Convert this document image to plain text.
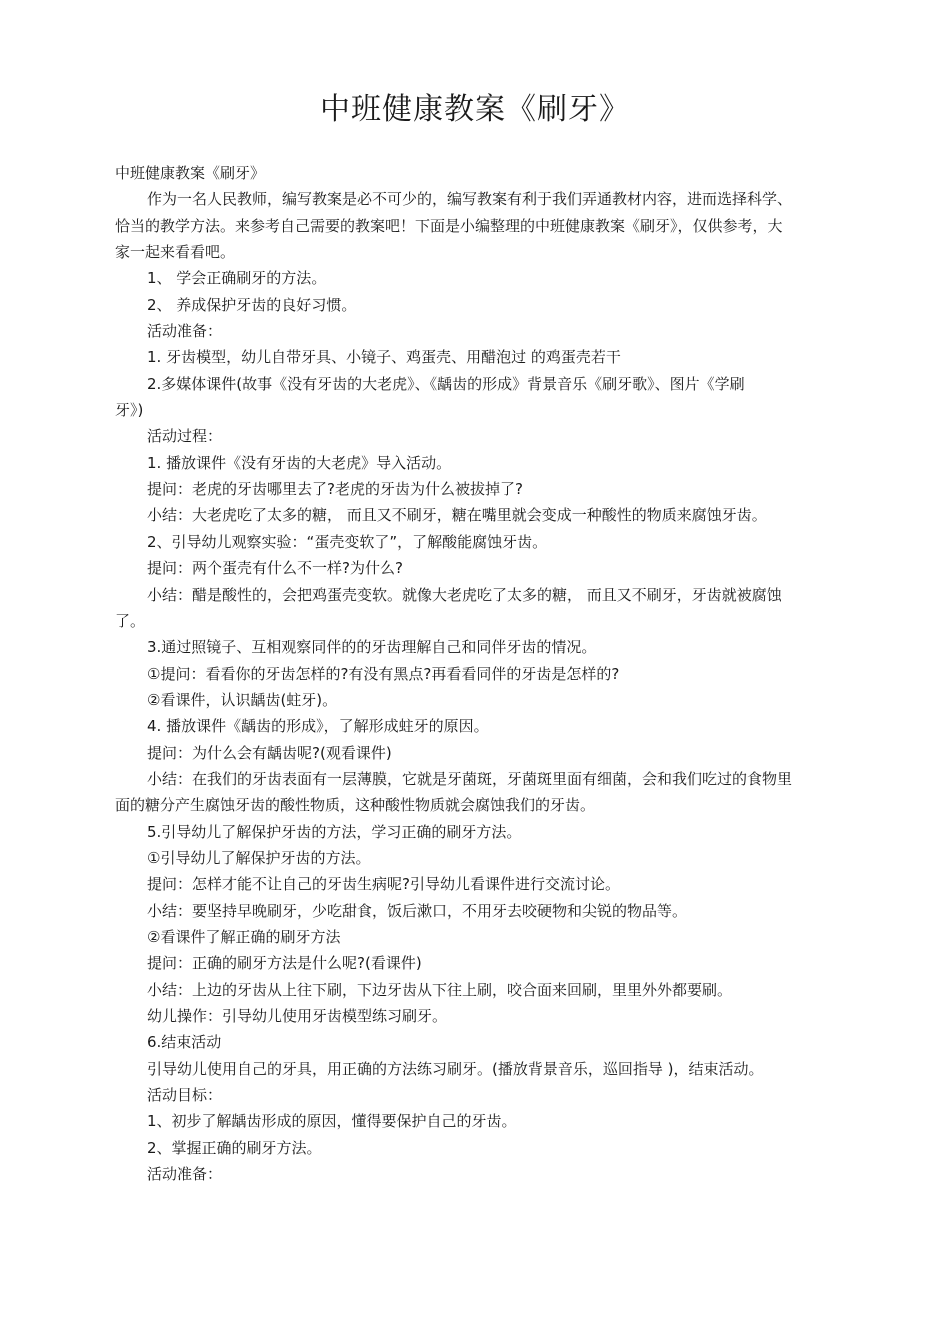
中班健康教案《刷牙》
中班健康教案《刷牙》
作为一名人民教师，编写教案是必不可少的，编写教案有利于我们弄通教材内容，进而选择科学、
恰当的教学方法。来参考自己需要的教案吧！下面是小编整理的中班健康教案《刷牙》，仅供参考，大
家一起来看看吧。
1、 学会正确刷牙的方法。
2、 养成保护牙齿的良好习惯。
活动准备：
1. 牙齿模型，幼儿自带牙具、小镜子、鸡蛋壳、用醋泡过 的鸡蛋壳若干
2.多媒体课件(故事《没有牙齿的大老虎》、《龋齿的形成》背景音乐《刷牙歌》、图片《学刷
牙》)
活动过程：
1. 播放课件《没有牙齿的大老虎》导入活动。
提问：老虎的牙齿哪里去了?老虎的牙齿为什么被拔掉了?
小结：大老虎吃了太多的糖， 而且又不刷牙，糖在嘴里就会变成一种酸性的物质来腐蚀牙齿。
2、引导幼儿观察实验：“蛋壳变软了”，了解酸能腐蚀牙齿。
提问：两个蛋壳有什么不一样?为什么?
小结：醋是酸性的，会把鸡蛋壳变软。就像大老虎吃了太多的糖， 而且又不刷牙，牙齿就被腐蚀
了。
3.通过照镜子、互相观察同伴的的牙齿理解自己和同伴牙齿的情况。
①提问：看看你的牙齿怎样的?有没有黑点?再看看同伴的牙齿是怎样的?
②看课件，认识龋齿(蛀牙)。
4. 播放课件《龋齿的形成》，了解形成蛀牙的原因。
提问：为什么会有龋齿呢?(观看课件)
小结：在我们的牙齿表面有一层薄膜，它就是牙菌斑，牙菌斑里面有细菌，会和我们吃过的食物里
面的糖分产生腐蚀牙齿的酸性物质，这种酸性物质就会腐蚀我们的牙齿。
5.引导幼儿了解保护牙齿的方法，学习正确的刷牙方法。
①引导幼儿了解保护牙齿的方法。
提问：怎样才能不让自己的牙齿生病呢?引导幼儿看课件进行交流讨论。
小结：要坚持早晚刷牙，少吃甜食，饭后漱口，不用牙去咬硬物和尖锐的物品等。
②看课件了解正确的刷牙方法
提问：正确的刷牙方法是什么呢?(看课件)
小结：上边的牙齿从上往下刷，下边牙齿从下往上刷，咬合面来回刷，里里外外都要刷。
幼儿操作：引导幼儿使用牙齿模型练习刷牙。
6.结束活动
引导幼儿使用自己的牙具，用正确的方法练习刷牙。(播放背景音乐，巡回指导 )，结束活动。
活动目标：
1、初步了解龋齿形成的原因，懂得要保护自己的牙齿。
2、掌握正确的刷牙方法。
活动准备：
